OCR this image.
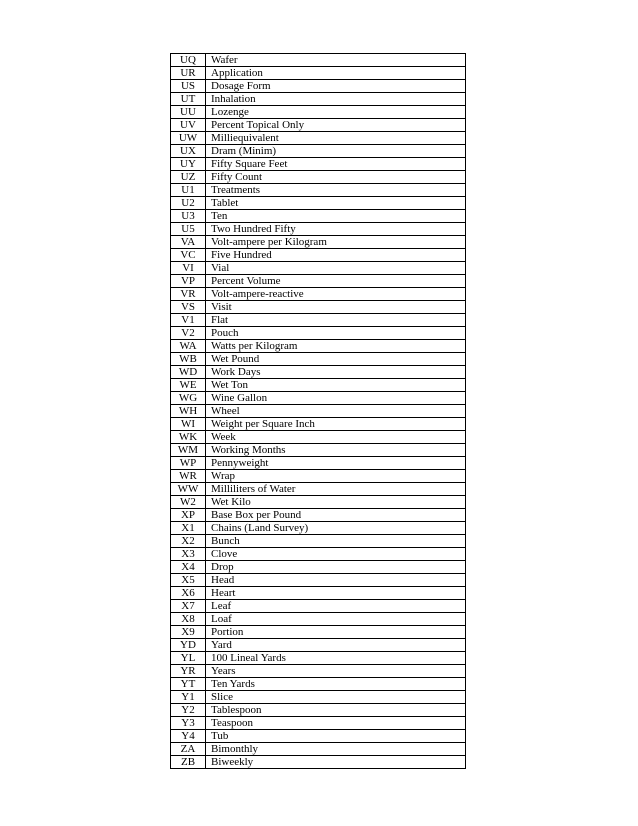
UQ	Wafer
UR	Application
US	Dosage Form
UT	Inhalation
UU	Lozenge
UV	Percent Topical Only
UW	Milliequivalent
UX	Dram (Minim)
UY	Fifty Square Feet
UZ	Fifty Count
U1	Treatments
U2	Tablet
U3	Ten
U5	Two Hundred Fifty
VA	Volt-ampere per Kilogram
VC	Five Hundred
VI	Vial
VP	Percent Volume
VR	Volt-ampere-reactive
VS	Visit
V1	Flat
V2	Pouch
WA	Watts per Kilogram
WB	Wet Pound
WD	Work Days
WE	Wet Ton
WG	Wine Gallon
WH	Wheel
WI	Weight per Square Inch
WK	Week
WM	Working Months
WP	Pennyweight
WR	Wrap
WW	Milliliters of Water
W2	Wet Kilo
XP	Base Box per Pound
X1	Chains (Land Survey)
X2	Bunch
X3	Clove
X4	Drop
X5	Head
X6	Heart
X7	Leaf
X8	Loaf
X9	Portion
YD	Yard
YL	100 Lineal Yards
YR	Years
YT	Ten Yards
Y1	Slice
Y2	Tablespoon
Y3	Teaspoon
Y4	Tub
ZA	Bimonthly
ZB	Biweekly
